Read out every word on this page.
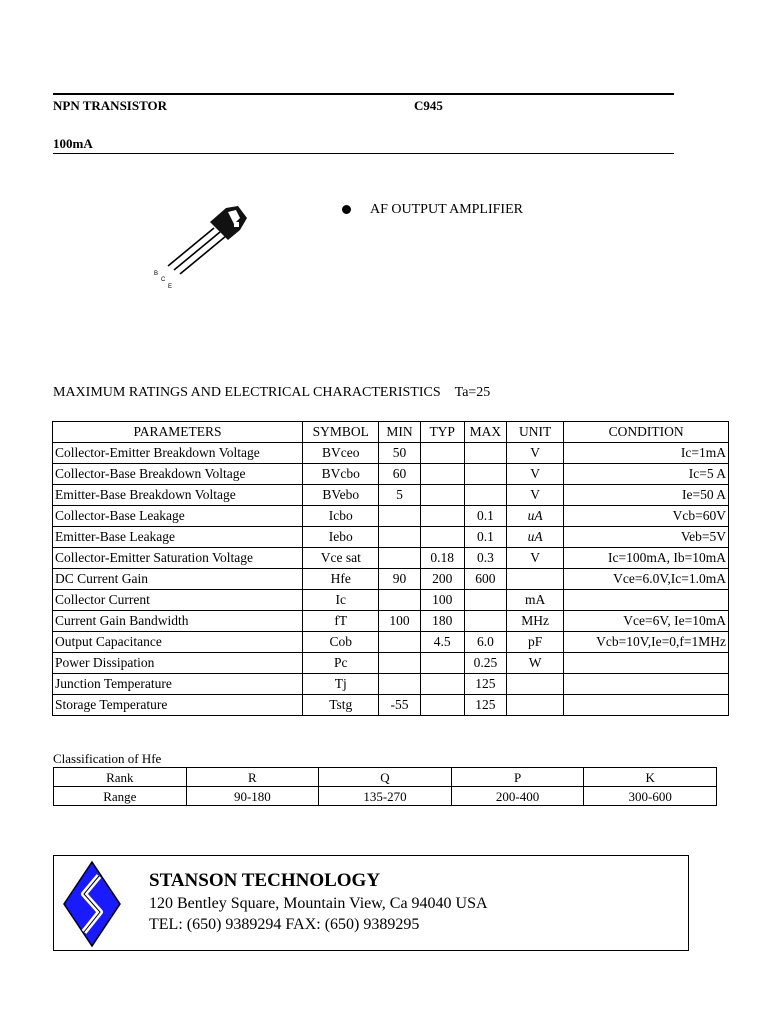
NPN TRANSISTOR	C945
100mA
B
C
E
AF OUTPUT AMPLIFIER
MAXIMUM RATINGS AND ELECTRICAL CHARACTERISTICS Ta=25
PARAMETERS	SYMBOL	MIN	TYP	MAX	UNIT	CONDITION
Collector-Emitter Breakdown Voltage	BVceo	50			V	Ic=1mA
Collector-Base Breakdown Voltage	BVcbo	60			V	Ic=5 A
Emitter-Base Breakdown Voltage	BVebo	5			V	Ie=50 A
Collector-Base Leakage	Icbo			0.1	uA	Vcb=60V
Emitter-Base Leakage	Iebo			0.1	uA	Veb=5V
Collector-Emitter Saturation Voltage	Vce sat		0.18	0.3	V	Ic=100mA, Ib=10mA
DC Current Gain	Hfe	90	200	600		Vce=6.0V,Ic=1.0mA
Collector Current	Ic		100		mA	
Current Gain Bandwidth	fT	100	180		MHz	Vce=6V, Ie=10mA
Output Capacitance	Cob		4.5	6.0	pF	Vcb=10V,Ie=0,f=1MHz
Power Dissipation	Pc			0.25	W	
Junction Temperature	Tj			125		
Storage Temperature	Tstg	-55		125		
Classification of Hfe
Rank	R	Q	P	K
Range	90-180	135-270	200-400	300-600
STANSON TECHNOLOGY
120 Bentley Square, Mountain View, Ca 94040 USA
TEL: (650) 9389294 FAX: (650) 9389295
